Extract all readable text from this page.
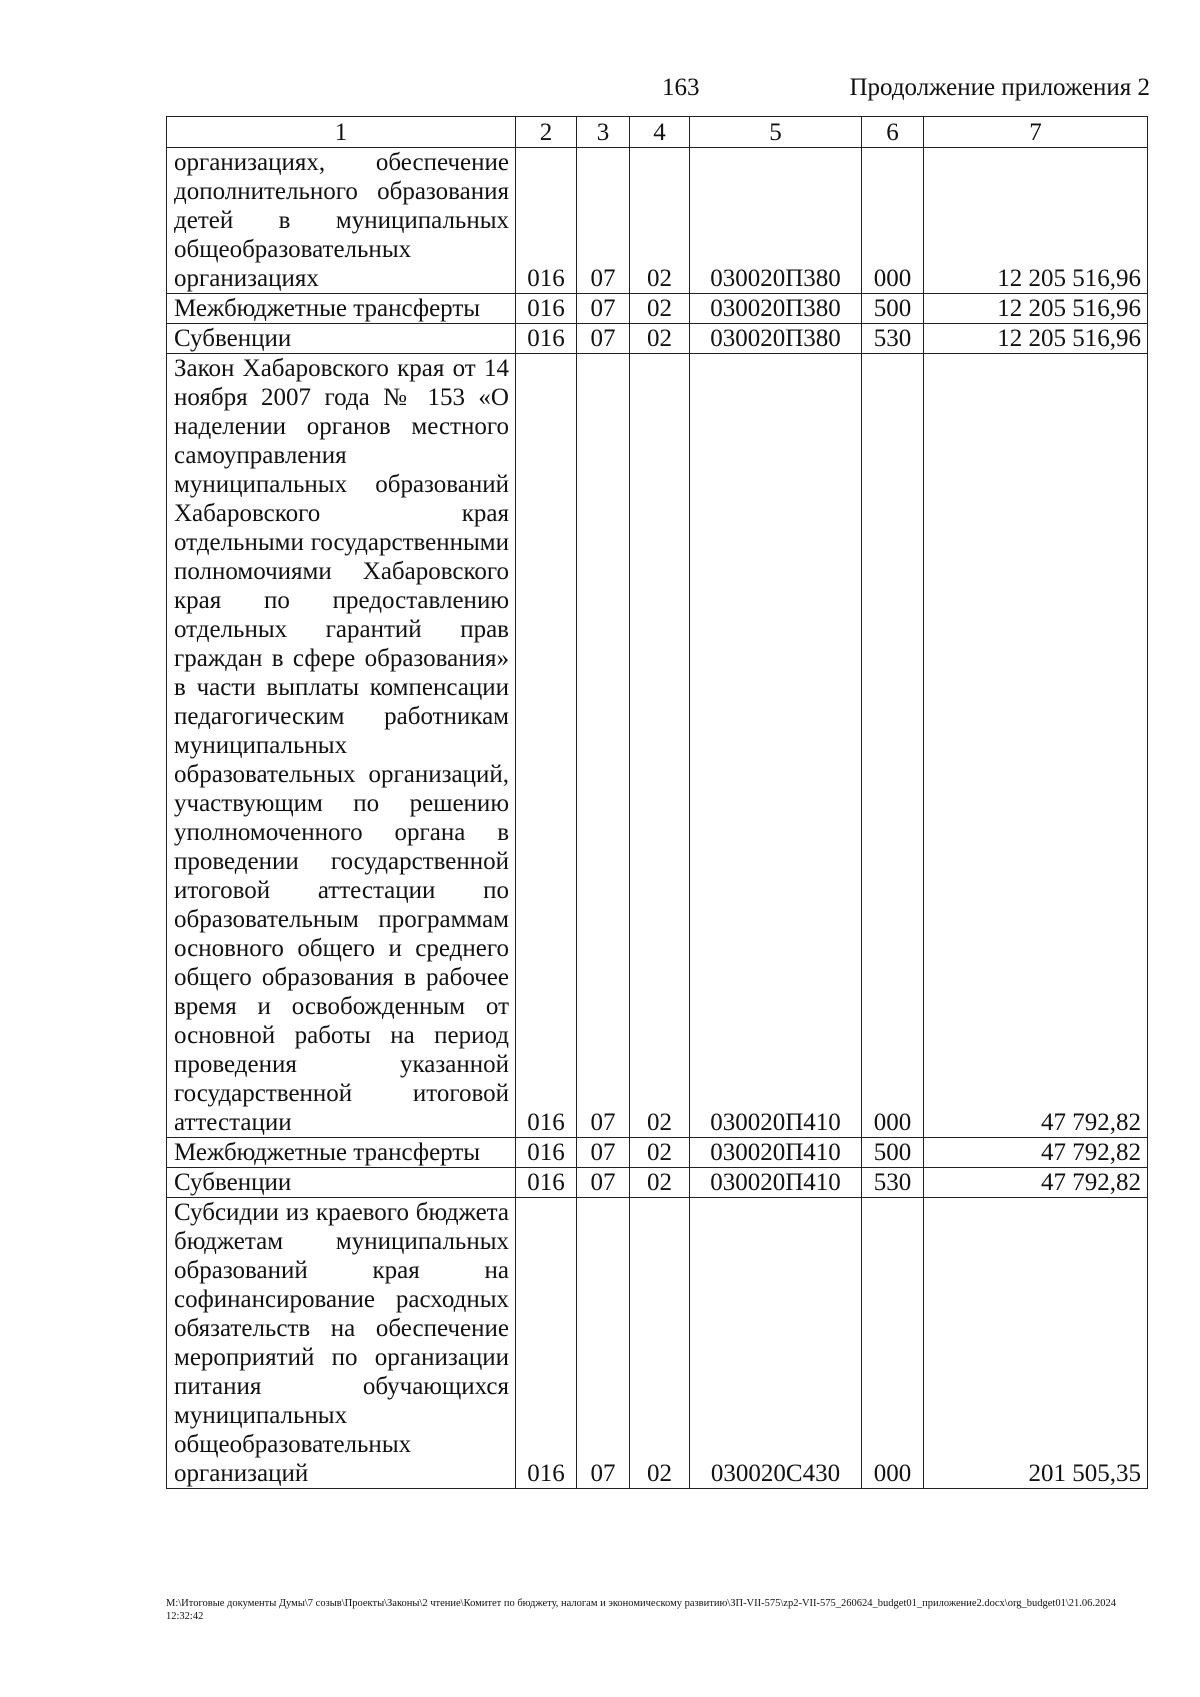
163	Продолжение приложения 2
1	2	3	4	5	6	7
организациях, обеспечение дополнительного образования детей в муниципальных общеобразовательных организациях	016	07	02	030020П380	000	12 205 516,96
Межбюджетные трансферты	016	07	02	030020П380	500	12 205 516,96
Субвенции	016	07	02	030020П380	530	12 205 516,96
Закон Хабаровского края от 14 ноября 2007 года № 153 «О наделении органов местного самоуправления муниципальных образований Хабаровского края отдельными государственными полномочиями Хабаровского края по предоставлению отдельных гарантий прав граждан в сфере образования» в части выплаты компенсации педагогическим работникам муниципальных образовательных организаций, участвующим по решению уполномоченного органа в проведении государственной итоговой аттестации по образовательным программам основного общего и среднего общего образования в рабочее время и освобожденным от основной работы на период проведения указанной государственной итоговой аттестации	016	07	02	030020П410	000	47 792,82
Межбюджетные трансферты	016	07	02	030020П410	500	47 792,82
Субвенции	016	07	02	030020П410	530	47 792,82
Субсидии из краевого бюджета бюджетам муниципальных образований края на софинансирование расходных обязательств на обеспечение мероприятий по организации питания обучающихся муниципальных общеобразовательных организаций	016	07	02	030020С430	000	201 505,35
М:\Итоговые документы Думы\7 созыв\Проекты\Законы\2 чтение\Комитет по бюджету, налогам и экономическому развитию\ЗП-VII-575\zp2-VII-575_260624_budget01_приложение2.docx\org_budget01\21.06.2024 12:32:42
